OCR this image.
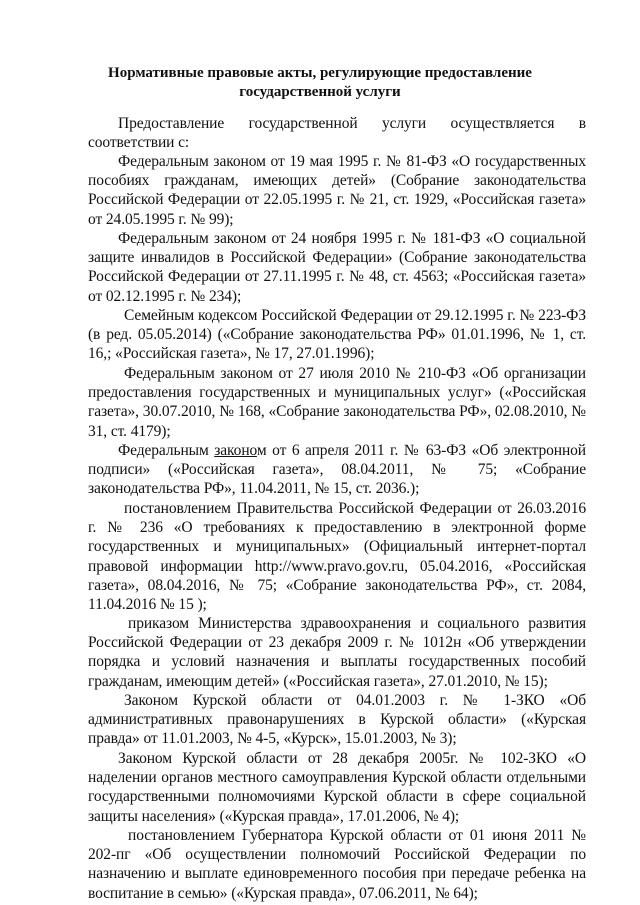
Нормативные правовые акты, регулирующие предоставление
государственной услуги

Предоставление государственной услуги осуществляется в соответствии с:

Федеральным законом от 19 мая 1995 г. № 81-ФЗ «О государственных пособиях гражданам, имеющих детей» (Собрание законодательства Российской Федерации от 22.05.1995 г. № 21, ст. 1929, «Российская газета» от 24.05.1995 г. № 99);

Федеральным законом от 24 ноября 1995 г. № 181-ФЗ «О социальной защите инвалидов в Российской Федерации» (Собрание законодательства Российской Федерации от 27.11.1995 г. № 48, ст. 4563; «Российская газета» от 02.12.1995 г. № 234);

Семейным кодексом Российской Федерации от 29.12.1995 г. № 223-ФЗ (в ред. 05.05.2014) («Собрание законодательства РФ» 01.01.1996, № 1, ст. 16,; «Российская газета», № 17, 27.01.1996);

Федеральным законом от 27 июля 2010 № 210-ФЗ «Об организации предоставления государственных и муниципальных услуг» («Российская газета», 30.07.2010, № 168, «Собрание законодательства РФ», 02.08.2010, № 31, ст. 4179);

Федеральным законом от 6 апреля 2011 г. № 63-ФЗ «Об электронной подписи» («Российская газета», 08.04.2011, № 75; «Собрание законодательства РФ», 11.04.2011, № 15, ст. 2036.);

постановлением Правительства Российской Федерации от 26.03.2016 г. № 236 «О требованиях к предоставлению в электронной форме государственных и муниципальных» (Официальный интернет-портал правовой информации http://www.pravo.gov.ru, 05.04.2016, «Российская газета», 08.04.2016, № 75; «Собрание законодательства РФ», ст. 2084, 11.04.2016 № 15 );

приказом Министерства здравоохранения и социального развития Российской Федерации от 23 декабря 2009 г. № 1012н «Об утверждении порядка и условий назначения и выплаты государственных пособий гражданам, имеющим детей» («Российская газета», 27.01.2010, № 15);

Законом Курской области от 04.01.2003 г. № 1-ЗКО «Об административных правонарушениях в Курской области» («Курская правда» от 11.01.2003, № 4-5, «Курск», 15.01.2003, № 3);

Законом Курской области от 28 декабря 2005г. № 102-ЗКО «О наделении органов местного самоуправления Курской области отдельными государственными полномочиями Курской области в сфере социальной защиты населения» («Курская правда», 17.01.2006, № 4);

постановлением Губернатора Курской области от 01 июня 2011 № 202-пг «Об осуществлении полномочий Российской Федерации по назначению и выплате единовременного пособия при передаче ребенка на воспитание в семью» («Курская правда», 07.06.2011, № 64);
